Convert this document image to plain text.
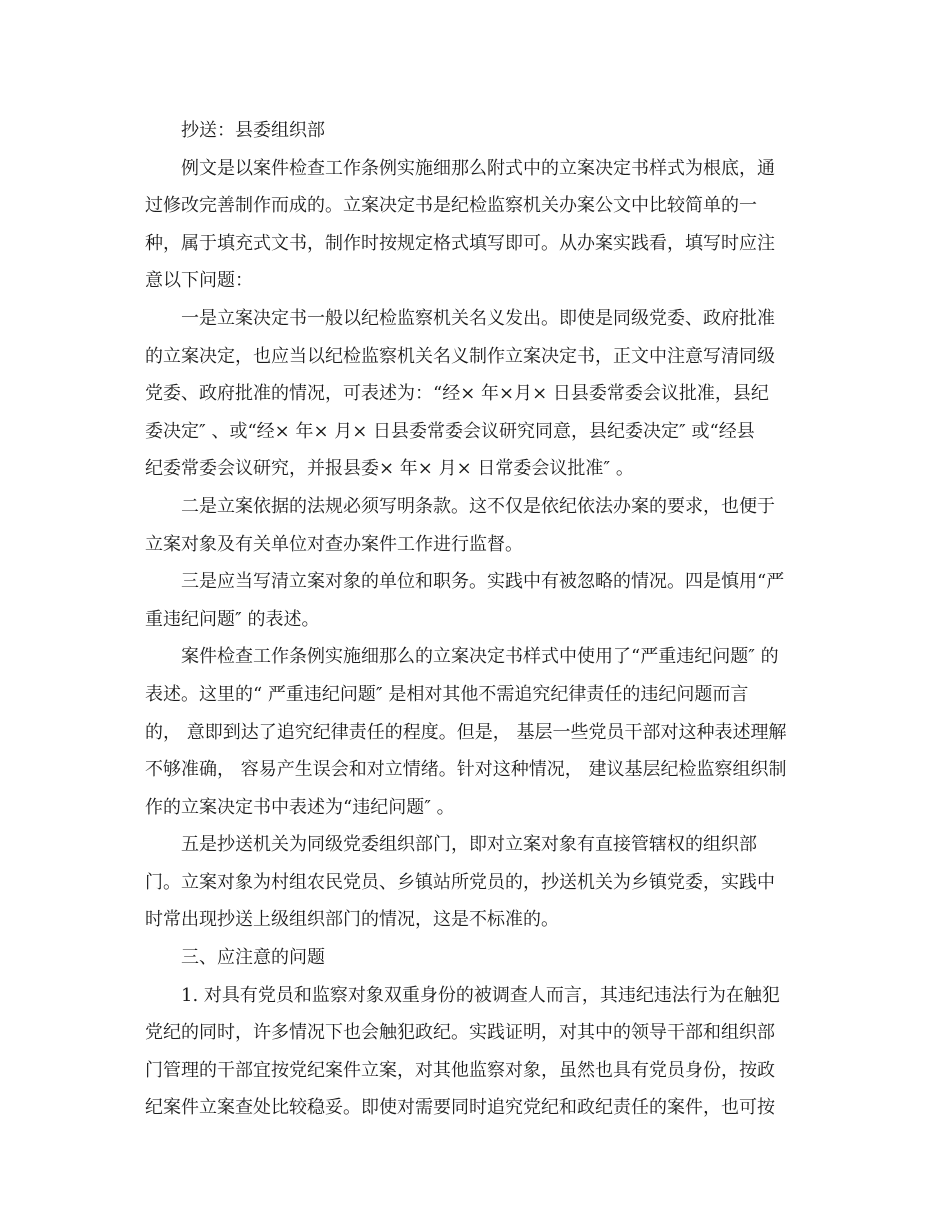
抄送：县委组织部
例文是以案件检查工作条例实施细那么附式中的立案决定书样式为根底，通
过修改完善制作而成的。立案决定书是纪检监察机关办案公文中比较简单的一
种，属于填充式文书，制作时按规定格式填写即可。从办案实践看，填写时应注
意以下问题：
一是立案决定书一般以纪检监察机关名义发出。即使是同级党委、政府批准
的立案决定，也应当以纪检监察机关名义制作立案决定书，正文中注意写清同级
党委、政府批准的情况，可表述为：“经× 年×月× 日县委常委会议批准，县纪
委决定″ 、或“经× 年× 月× 日县委常委会议研究同意，县纪委决定″ 或“经县
纪委常委会议研究，并报县委× 年× 月× 日常委会议批准″ 。
二是立案依据的法规必须写明条款。这不仅是依纪依法办案的要求，也便于
立案对象及有关单位对查办案件工作进行监督。
三是应当写清立案对象的单位和职务。实践中有被忽略的情况。四是慎用“严
重违纪问题″ 的表述。
案件检查工作条例实施细那么的立案决定书样式中使用了“严重违纪问题″ 的
表述。这里的“ 严重违纪问题″ 是相对其他不需追究纪律责任的违纪问题而言
的， 意即到达了追究纪律责任的程度。但是， 基层一些党员干部对这种表述理解
不够准确， 容易产生误会和对立情绪。针对这种情况， 建议基层纪检监察组织制
作的立案决定书中表述为“违纪问题″ 。
五是抄送机关为同级党委组织部门，即对立案对象有直接管辖权的组织部
门。立案对象为村组农民党员、乡镇站所党员的，抄送机关为乡镇党委，实践中
时常出现抄送上级组织部门的情况，这是不标准的。
三、应注意的问题
1. 对具有党员和监察对象双重身份的被调查人而言，其违纪违法行为在触犯
党纪的同时，许多情况下也会触犯政纪。实践证明，对其中的领导干部和组织部
门管理的干部宜按党纪案件立案，对其他监察对象，虽然也具有党员身份，按政
纪案件立案查处比较稳妥。即使对需要同时追究党纪和政纪责任的案件，也可按
